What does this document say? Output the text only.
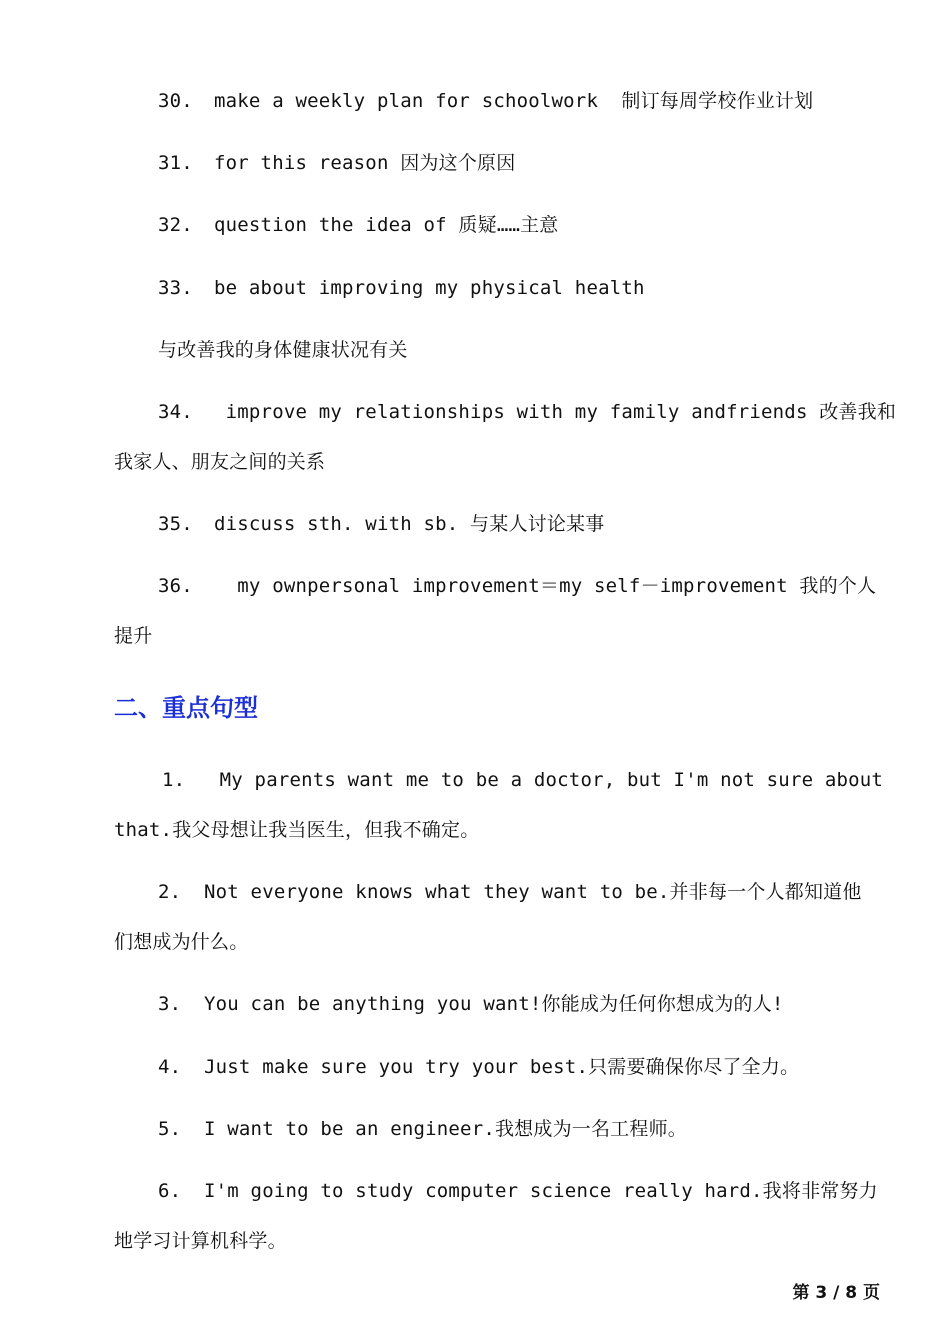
30. make a weekly plan for schoolwork  制订每周学校作业计划
31. for this reason 因为这个原因
32. question the idea of 质疑……主意
33. be about improving my physical health
与改善我的身体健康状况有关
34. improve my relationships with my family andfriends 改善我和
我家人、朋友之间的关系
35. discuss sth. with sb. 与某人讨论某事
36.  my ownpersonal improvement＝my self－improvement 我的个人
提升
二、重点句型
1. My parents want me to be a doctor, but I'm not sure about
that.我父母想让我当医生，但我不确定。
2. Not everyone knows what they want to be.并非每一个人都知道他
们想成为什么。
3. You can be anything you want!你能成为任何你想成为的人!
4. Just make sure you try your best.只需要确保你尽了全力。
5. I want to be an engineer.我想成为一名工程师。
6. I'm going to study computer science really hard.我将非常努力
地学习计算机科学。
第 3 / 8 页
